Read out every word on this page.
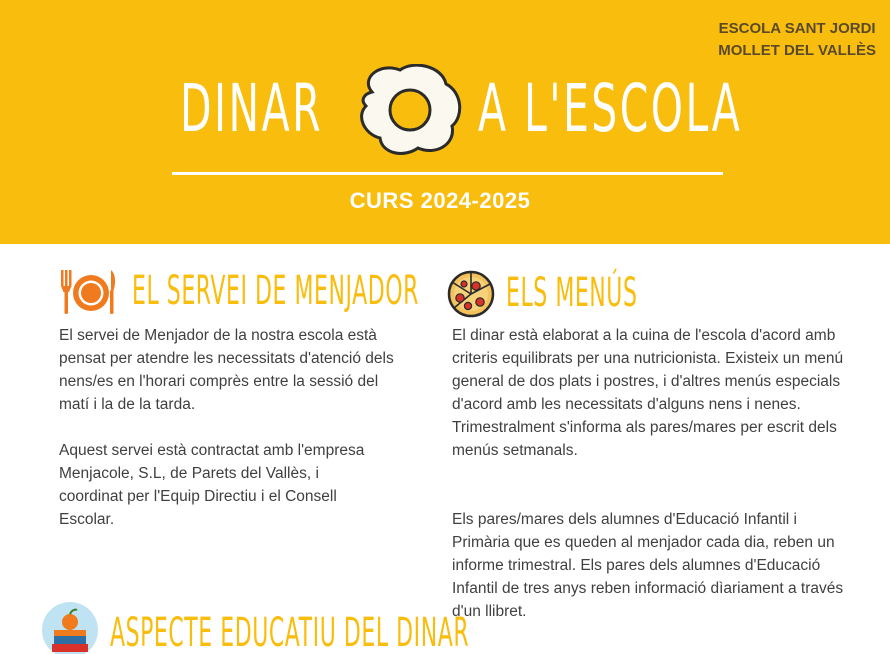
ESCOLA SANT JORDI
MOLLET DEL VALLÈS
DINAR A L'ESCOLA
CURS 2024-2025
EL SERVEI DE MENJADOR
El servei de Menjador de la nostra escola està pensat per atendre les necessitats d'atenció dels nens/es en l'horari comprès entre la sessió del matí i la de la tarda.
Aquest servei està contractat amb l'empresa Menjacole, S.L, de Parets del Vallès, i coordinat per l'Equip Directiu i el Consell Escolar.
ELS MENÚS
El dinar està elaborat a la cuina de l'escola d'acord amb criteris equilibrats per una nutricionista. Existeix un menú general de dos plats i postres, i d'altres menús especials d'acord amb les necessitats d'alguns nens i nenes. Trimestralment s'informa als pares/mares per escrit dels menús setmanals.
Els pares/mares dels alumnes d'Educació Infantil i Primària que es queden al menjador cada dia, reben un informe trimestral. Els pares dels alumnes d'Educació Infantil de tres anys reben informació dìariament a través d'un llibret.
ASPECTE EDUCATIU DEL DINAR
